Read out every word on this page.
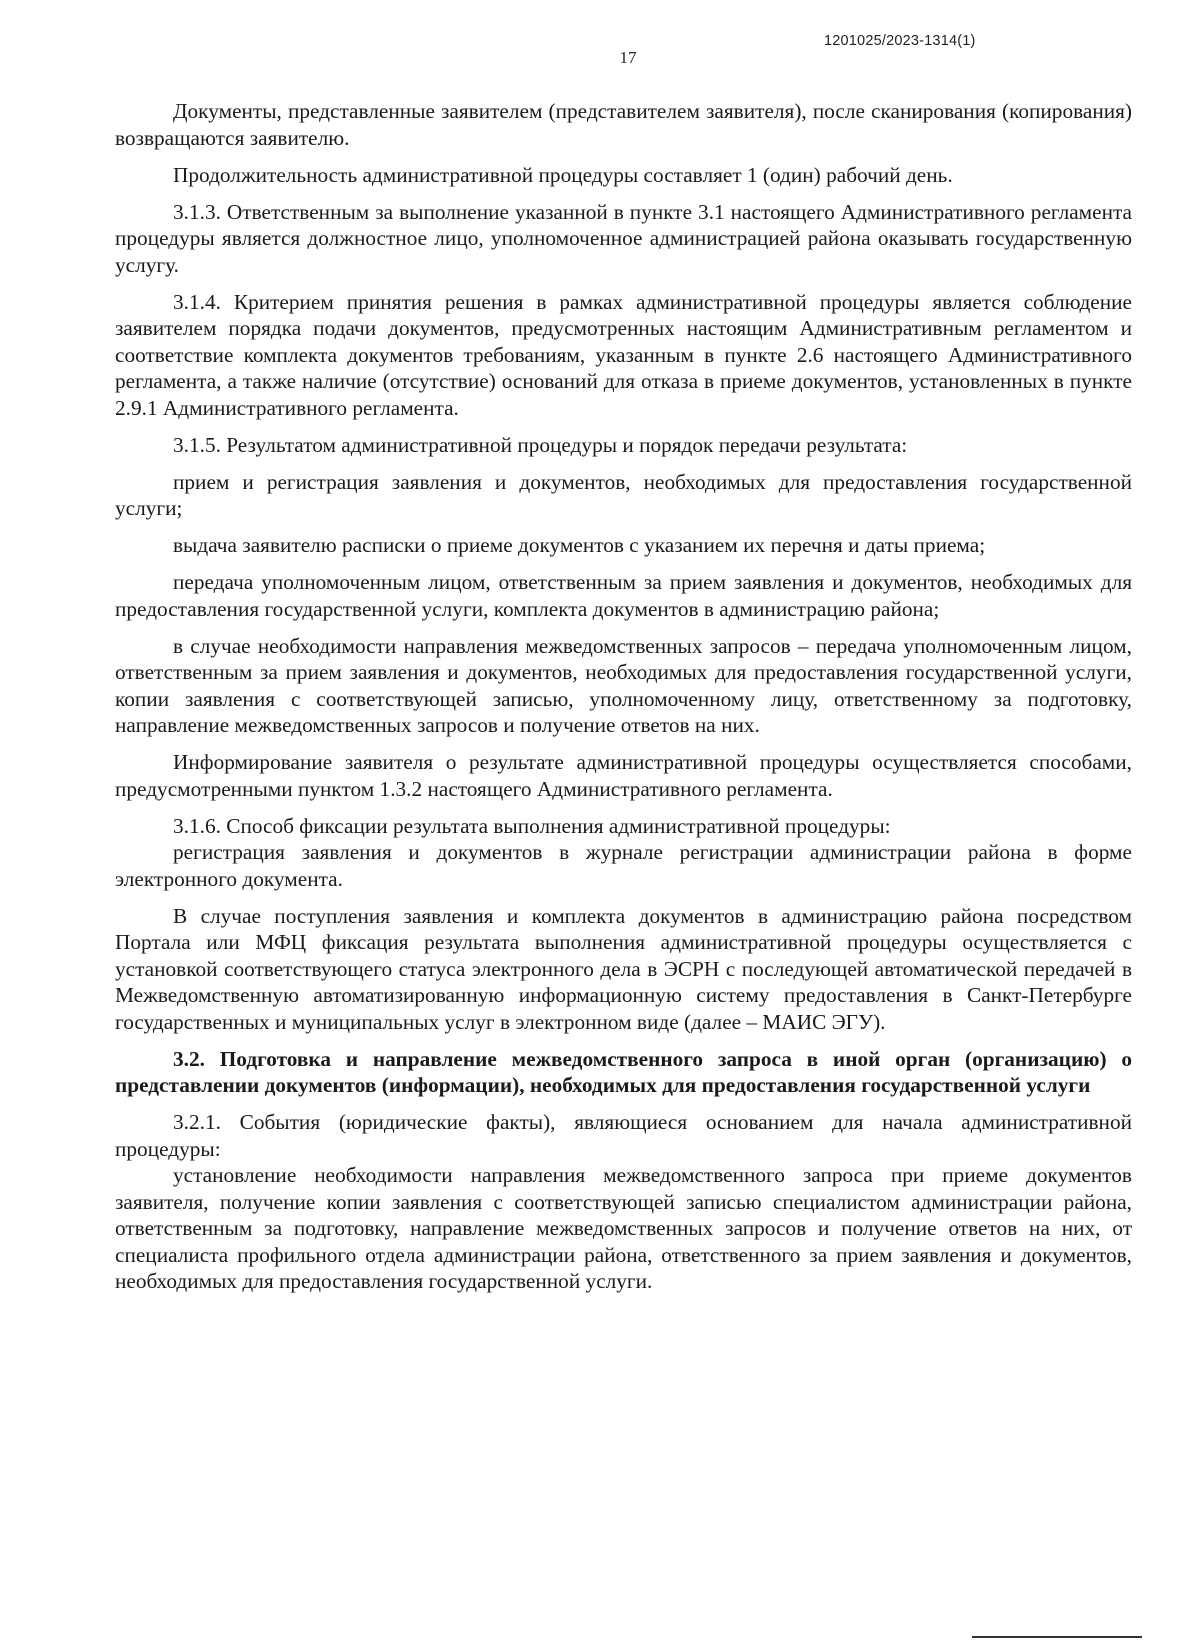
1201025/2023-1314(1)
17

Документы, представленные заявителем (представителем заявителя), после сканирования (копирования) возвращаются заявителю.

Продолжительность административной процедуры составляет 1 (один) рабочий день.

3.1.3. Ответственным за выполнение указанной в пункте 3.1 настоящего Административного регламента процедуры является должностное лицо, уполномоченное администрацией района оказывать государственную услугу.

3.1.4. Критерием принятия решения в рамках административной процедуры является соблюдение заявителем порядка подачи документов, предусмотренных настоящим Административным регламентом и соответствие комплекта документов требованиям, указанным в пункте 2.6 настоящего Административного регламента, а также наличие (отсутствие) оснований для отказа в приеме документов, установленных в пункте 2.9.1 Административного регламента.

3.1.5. Результатом административной процедуры и порядок передачи результата:

прием и регистрация заявления и документов, необходимых для предоставления государственной услуги;

выдача заявителю расписки о приеме документов с указанием их перечня и даты приема;

передача уполномоченным лицом, ответственным за прием заявления и документов, необходимых для предоставления государственной услуги, комплекта документов в администрацию района;

в случае необходимости направления межведомственных запросов – передача уполномоченным лицом, ответственным за прием заявления и документов, необходимых для предоставления государственной услуги, копии заявления с соответствующей записью, уполномоченному лицу, ответственному за подготовку, направление межведомственных запросов и получение ответов на них.

Информирование заявителя о результате административной процедуры осуществляется способами, предусмотренными пунктом 1.3.2 настоящего Административного регламента.

3.1.6. Способ фиксации результата выполнения административной процедуры:

регистрация заявления и документов в журнале регистрации администрации района в форме электронного документа.

В случае поступления заявления и комплекта документов в администрацию района посредством Портала или МФЦ фиксация результата выполнения административной процедуры осуществляется с установкой соответствующего статуса электронного дела в ЭСРН с последующей автоматической передачей в Межведомственную автоматизированную информационную систему предоставления в Санкт-Петербурге государственных и муниципальных услуг в электронном виде (далее – МАИС ЭГУ).

3.2. Подготовка и направление межведомственного запроса в иной орган (организацию) о представлении документов (информации), необходимых для предоставления государственной услуги

3.2.1. События (юридические факты), являющиеся основанием для начала административной процедуры:

установление необходимости направления межведомственного запроса при приеме документов заявителя, получение копии заявления с соответствующей записью специалистом администрации района, ответственным за подготовку, направление межведомственных запросов и получение ответов на них, от специалиста профильного отдела администрации района, ответственного за прием заявления и документов, необходимых для предоставления государственной услуги.
